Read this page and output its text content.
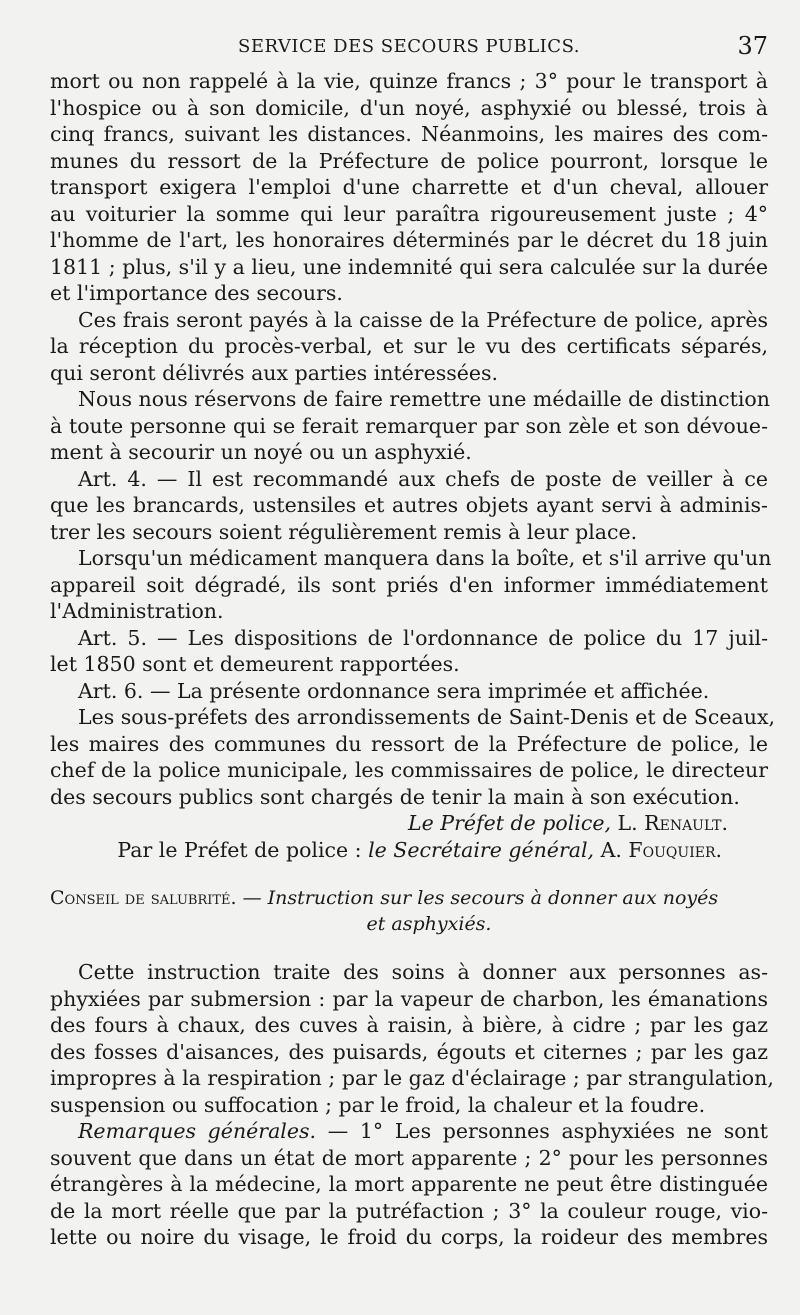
SERVICE DES SECOURS PUBLICS.	37

mort ou non rappelé à la vie, quinze francs ; 3° pour le transport à
l'hospice ou à son domicile, d'un noyé, asphyxié ou blessé, trois à
cinq francs, suivant les distances. Néanmoins, les maires des com-
munes du ressort de la Préfecture de police pourront, lorsque le
transport exigera l'emploi d'une charrette et d'un cheval, allouer
au voiturier la somme qui leur paraîtra rigoureusement juste ; 4°
l'homme de l'art, les honoraires déterminés par le décret du 18 juin
1811 ; plus, s'il y a lieu, une indemnité qui sera calculée sur la durée
et l'importance des secours.

Ces frais seront payés à la caisse de la Préfecture de police, après
la réception du procès-verbal, et sur le vu des certificats séparés,
qui seront délivrés aux parties intéressées.

Nous nous réservons de faire remettre une médaille de distinction
à toute personne qui se ferait remarquer par son zèle et son dévoue-
ment à secourir un noyé ou un asphyxié.

Art. 4. — Il est recommandé aux chefs de poste de veiller à ce
que les brancards, ustensiles et autres objets ayant servi à adminis-
trer les secours soient régulièrement remis à leur place.

Lorsqu'un médicament manquera dans la boîte, et s'il arrive qu'un
appareil soit dégradé, ils sont priés d'en informer immédiatement
l'Administration.

Art. 5. — Les dispositions de l'ordonnance de police du 17 juil-
let 1850 sont et demeurent rapportées.

Art. 6. — La présente ordonnance sera imprimée et affichée.

Les sous-préfets des arrondissements de Saint-Denis et de Sceaux,
les maires des communes du ressort de la Préfecture de police, le
chef de la police municipale, les commissaires de police, le directeur
des secours publics sont chargés de tenir la main à son exécution.

Le Préfet de police, L. Renault.
Par le Préfet de police : le Secrétaire général, A. Fouquier.
Conseil de salubrité. — Instruction sur les secours à donner aux noyés
et asphyxiés.

Cette instruction traite des soins à donner aux personnes as-
phyxiées par submersion : par la vapeur de charbon, les émanations
des fours à chaux, des cuves à raisin, à bière, à cidre ; par les gaz
des fosses d'aisances, des puisards, égouts et citernes ; par les gaz
impropres à la respiration ; par le gaz d'éclairage ; par strangulation,
suspension ou suffocation ; par le froid, la chaleur et la foudre.

Remarques générales. — 1° Les personnes asphyxiées ne sont
souvent que dans un état de mort apparente ; 2° pour les personnes
étrangères à la médecine, la mort apparente ne peut être distinguée
de la mort réelle que par la putréfaction ; 3° la couleur rouge, vio-
lette ou noire du visage, le froid du corps, la roideur des membres
